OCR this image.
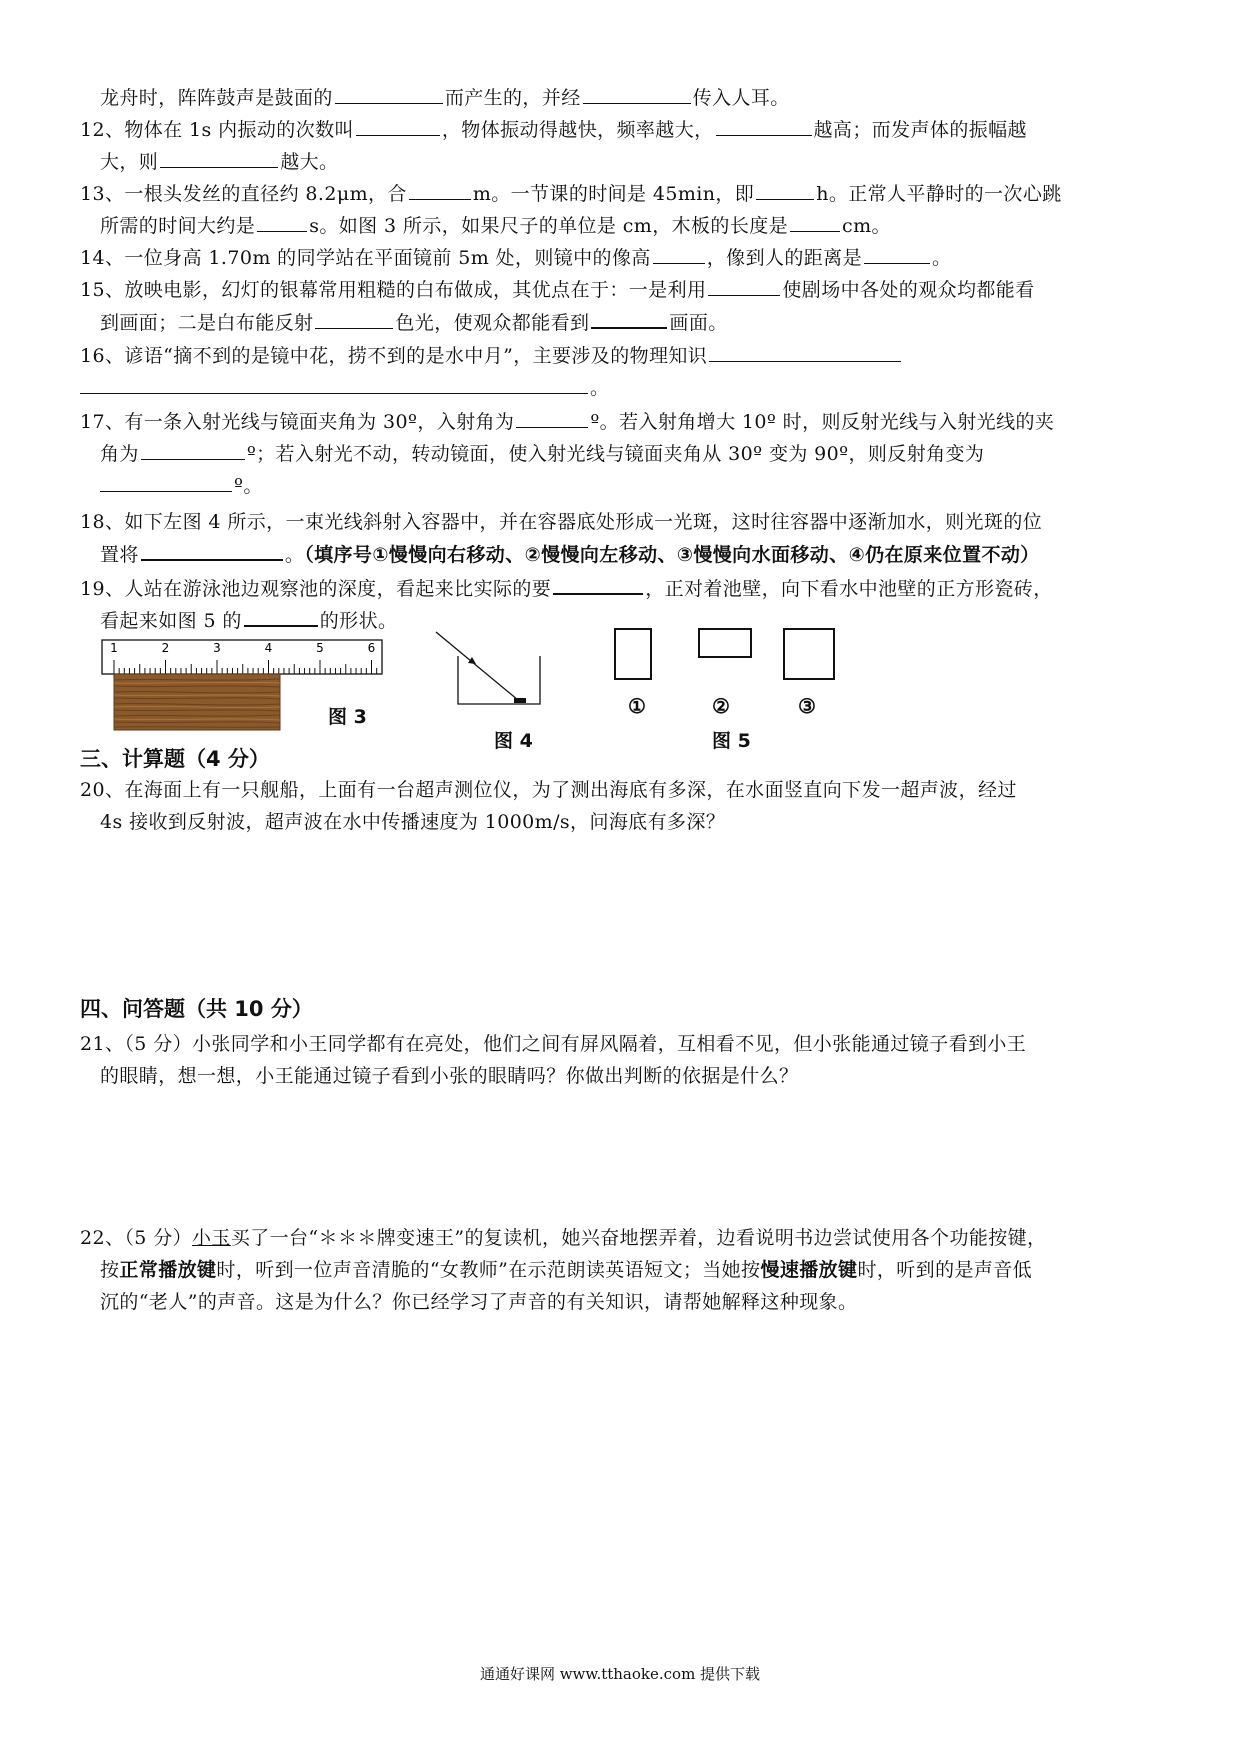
龙舟时，阵阵鼓声是鼓面的	而产生的，并经	传入人耳。
12、物体在 1s 内振动的次数叫	，物体振动得越快，频率越大，	越高；而发声体的振幅越
大，则	越大。
13、一根头发丝的直径约 8.2μm，合	m。一节课的时间是 45min，即	h。正常人平静时的一次心跳
所需的时间大约是	s。如图 3 所示，如果尺子的单位是 cm，木板的长度是	cm。
14、一位身高 1.70m 的同学站在平面镜前 5m 处，则镜中的像高	，像到人的距离是	。
15、放映电影，幻灯的银幕常用粗糙的白布做成，其优点在于：一是利用	使剧场中各处的观众均都能看
到画面；二是白布能反射	色光，使观众都能看到	画面。
16、谚语“摘不到的是镜中花，捞不到的是水中月”，主要涉及的物理知识
。
17、有一条入射光线与镜面夹角为 30º，入射角为	º。若入射角增大 10º 时，则反射光线与入射光线的夹
角为	º；若入射光不动，转动镜面，使入射光线与镜面夹角从 30º 变为 90º，则反射角变为
º。
18、如下左图 4 所示，一束光线斜射入容器中，并在容器底处形成一光斑，这时往容器中逐渐加水，则光斑的位
置将	。（填序号①慢慢向右移动、②慢慢向左移动、③慢慢向水面移动、④仍在原来位置不动）
19、人站在游泳池边观察池的深度，看起来比实际的要	，正对着池壁，向下看水中池壁的正方形瓷砖，
看起来如图 5 的	的形状。
1	2	3	4	5	6
图 3
图 4
①	②	③
图 5
三、计算题（4 分）
20、在海面上有一只舰船，上面有一台超声测位仪，为了测出海底有多深，在水面竖直向下发一超声波，经过
4s 接收到反射波，超声波在水中传播速度为 1000m/s，问海底有多深？
四、问答题（共 10 分）
21、（5 分）小张同学和小王同学都有在亮处，他们之间有屏风隔着，互相看不见，但小张能通过镜子看到小王
的眼睛，想一想，小王能通过镜子看到小张的眼睛吗？你做出判断的依据是什么？
22、（5 分）小玉买了一台“＊＊＊牌变速王”的复读机，她兴奋地摆弄着，边看说明书边尝试使用各个功能按键，
按正常播放键时，听到一位声音清脆的“女教师”在示范朗读英语短文；当她按慢速播放键时，听到的是声音低
沉的“老人”的声音。这是为什么？你已经学习了声音的有关知识，请帮她解释这种现象。
通通好课网 www.tthaoke.com 提供下载
